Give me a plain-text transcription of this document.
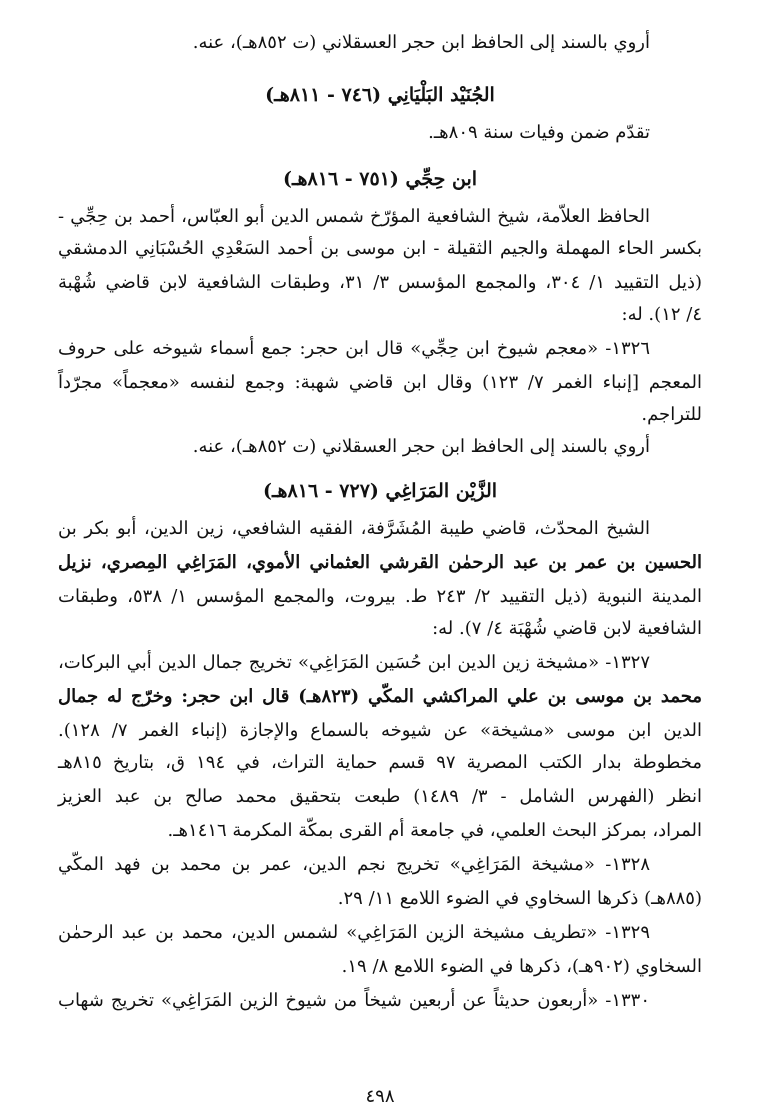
أروي بالسند إلى الحافظ ابن حجر العسقلاني (ت ٨٥٢هـ)، عنه.
الجُنَيْد البَلْيَانِي (٧٤٦ - ٨١١هـ)
تقدّم ضمن وفيات سنة ٨٠٩هـ.
ابن حِجِّي (٧٥١ - ٨١٦هـ)
الحافظ العلاّمة، شيخ الشافعية المؤرّخ شمس الدين أبو العبّاس، أحمد بن حِجِّي -
بكسر الحاء المهملة والجيم الثقيلة - ابن موسى بن أحمد السَعْدِي الحُسْبَانِي الدمشقي
(ذيل التقييد ١/ ٣٠٤، والمجمع المؤسس ٣/ ٣١، وطبقات الشافعية لابن قاضي شُهْبة
٤/ ١٢). له:
١٣٢٦- «معجم شيوخ ابن حِجِّي» قال ابن حجر: جمع أسماء شيوخه على حروف
المعجم [إنباء الغمر ٧/ ١٢٣) وقال ابن قاضي شهبة: وجمع لنفسه «معجماً» مجرّداً
للتراجم.
أروي بالسند إلى الحافظ ابن حجر العسقلاني (ت ٨٥٢هـ)، عنه.
الزَّيْن المَرَاغِي (٧٢٧ - ٨١٦هـ)
الشيخ المحدّث، قاضي طيبة المُشَرَّفة، الفقيه الشافعي، زين الدين، أبو بكر بن
الحسين بن عمر بن عبد الرحمٰن القرشي العثماني الأموي، المَرَاغِي المِصري، نزيل
المدينة النبوية (ذيل التقييد ٢/ ٢٤٣ ط. بيروت، والمجمع المؤسس ١/ ٥٣٨، وطبقات
الشافعية لابن قاضي شُهْبَة ٤/ ٧). له:
١٣٢٧- «مشيخة زين الدين ابن حُسَين المَرَاغِي» تخريج جمال الدين أبي البركات،
محمد بن موسى بن علي المراكشي المكّي (٨٢٣هـ) قال ابن حجر: وخرّج له جمال
الدين ابن موسى «مشيخة» عن شيوخه بالسماع والإجازة (إنباء الغمر ٧/ ١٢٨).
مخطوطة بدار الكتب المصرية ٩٧ قسم حماية التراث، في ١٩٤ ق، بتاريخ ٨١٥هـ
انظر (الفهرس الشامل - ٣/ ١٤٨٩) طبعت بتحقيق محمد صالح بن عبد العزيز
المراد، بمركز البحث العلمي، في جامعة أم القرى بمكّة المكرمة ١٤١٦هـ.
١٣٢٨- «مشيخة المَرَاغِي» تخريج نجم الدين، عمر بن محمد بن فهد المكّي
(٨٨٥هـ) ذكرها السخاوي في الضوء اللامع ١١/ ٢٩.
١٣٢٩- «تطريف مشيخة الزين المَرَاغِي» لشمس الدين، محمد بن عبد الرحمٰن
السخاوي (٩٠٢هـ)، ذكرها في الضوء اللامع ٨/ ١٩.
١٣٣٠- «أربعون حديثاً عن أربعين شيخاً من شيوخ الزين المَرَاغِي» تخريج شهاب
٤٩٨
